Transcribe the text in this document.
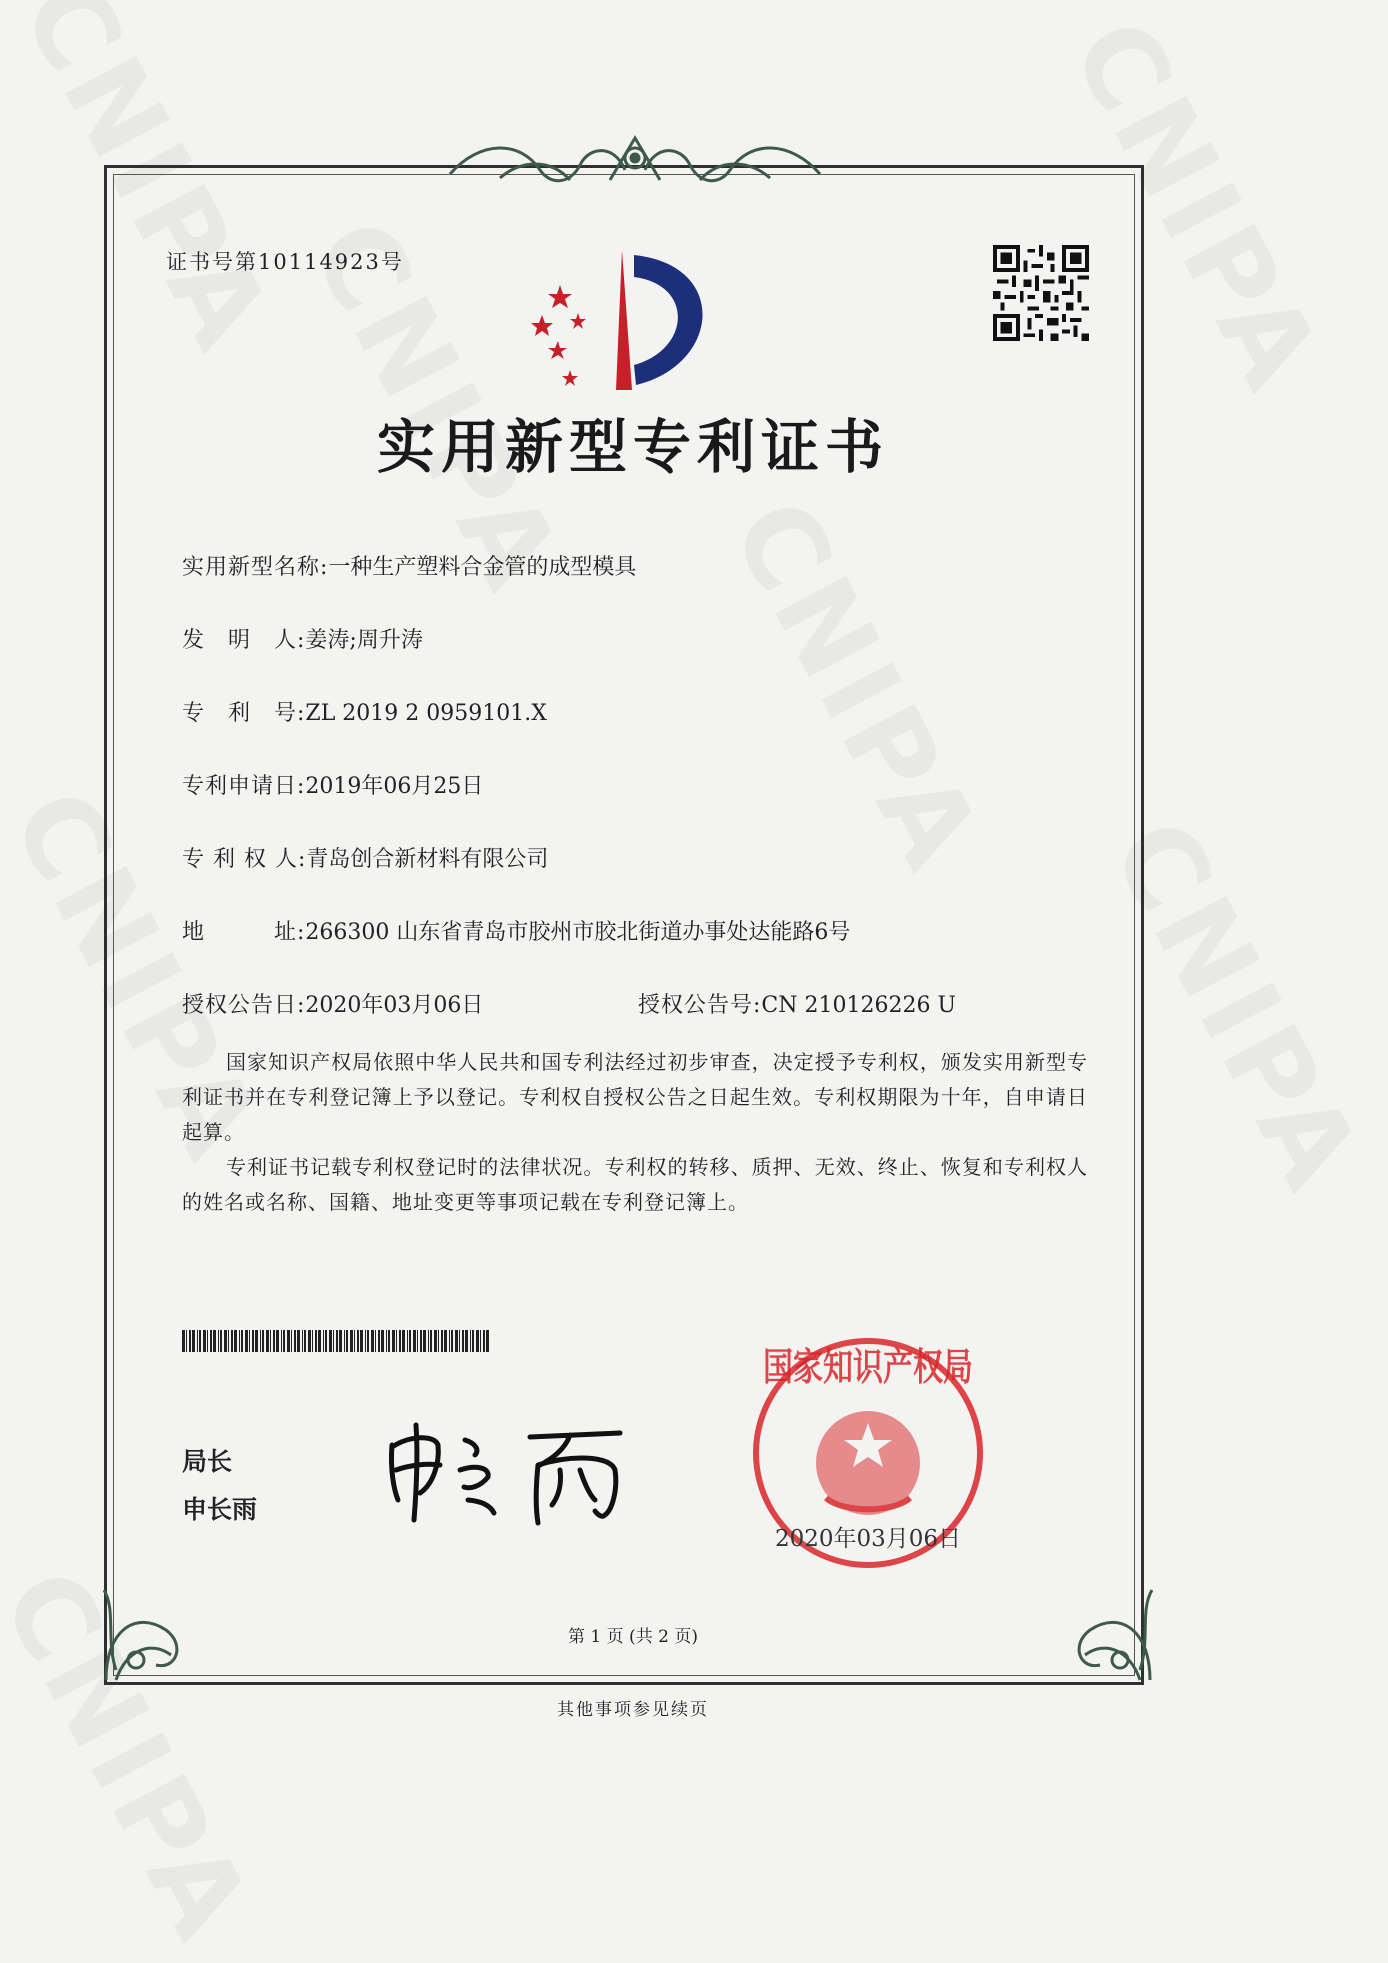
证书号第10114923号
实用新型专利证书
实用新型名称:一种生产塑料合金管的成型模具
发　明　人:姜涛;周升涛
专　利　号:ZL 2019 2 0959101.X
专利申请日:2019年06月25日
专 利 权 人:青岛创合新材料有限公司
地　　　址:266300 山东省青岛市胶州市胶北街道办事处达能路6号
授权公告日:2020年03月06日	授权公告号:CN 210126226 U
国家知识产权局依照中华人民共和国专利法经过初步审查，决定授予专利权，颁发实用新型专利证书并在专利登记簿上予以登记。专利权自授权公告之日起生效。专利权期限为十年，自申请日起算。
专利证书记载专利权登记时的法律状况。专利权的转移、质押、无效、终止、恢复和专利权人的姓名或名称、国籍、地址变更等事项记载在专利登记簿上。
局长
申长雨
国家知识产权局
2020年03月06日
第 1 页 (共 2 页)
其他事项参见续页
